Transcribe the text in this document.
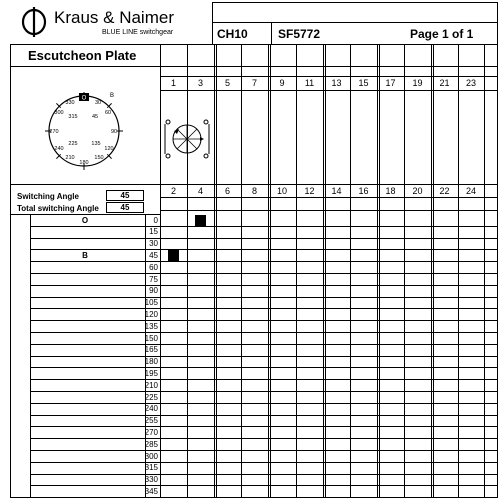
Kraus & Naimer
BLUE LINE switchgear	CH10	SF5772	Page 1 of 1
Escutcheon Plate
O	B
330	30
300	60
315	45
270	90
240	120
225	135
210	150
180
Switching Angle	45
Total switching Angle	45
1	3	5	7	9	11	13	15	17	19	21	23
2	4	6	8	10	12	14	16	18	20	22	24
O	0
15
30
B	45
60
75
90
105
120
135
150
165
180
195
210
225
240
255
270
285
300
315
330
345
